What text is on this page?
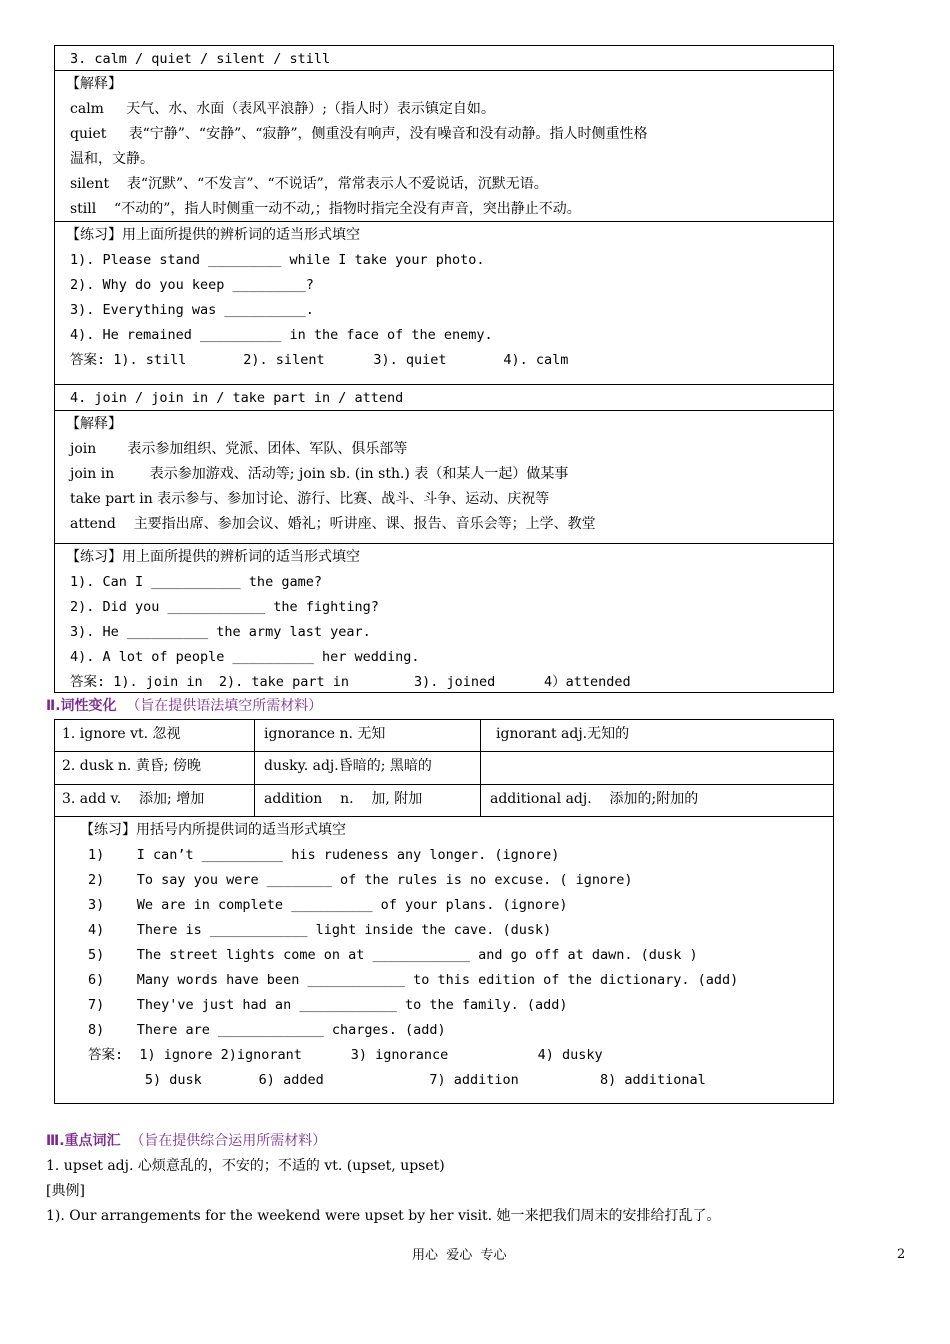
3. calm / quiet / silent / still
【解释】
calm     天气、水、水面（表风平浪静）;（指人时）表示镇定自如。
quiet     表“宁静”、“安静”、“寂静”，侧重没有响声，没有噪音和没有动静。指人时侧重性格
温和，文静。
silent    表“沉默”、“不发言”、“不说话”，常常表示人不爱说话，沉默无语。
still    “不动的”，指人时侧重一动不动,；指物时指完全没有声音，突出静止不动。
【练习】用上面所提供的辨析词的适当形式填空
1). Please stand _________ while I take your photo.
2). Why do you keep _________?
3). Everything was __________.
4). He remained __________ in the face of the enemy.
答案: 1). still       2). silent      3). quiet       4). calm
4. join / join in / take part in / attend
【解释】
join       表示参加组织、党派、团体、军队、俱乐部等
join in        表示参加游戏、活动等; join sb. (in sth.) 表（和某人一起）做某事
take part in 表示参与、参加讨论、游行、比赛、战斗、斗争、运动、庆祝等
attend    主要指出席、参加会议、婚礼；听讲座、课、报告、音乐会等；上学、教堂
【练习】用上面所提供的辨析词的适当形式填空
1). Can I ___________ the game?
2). Did you ____________ the fighting?
3). He __________ the army last year.
4). A lot of people __________ her wedding.
答案: 1). join in  2). take part in        3). joined      4）attended
Ⅱ.词性变化 （旨在提供语法填空所需材料）
1. ignore vt. 忽视	ignorance n. 无知	ignorant adj.无知的
2. dusk n. 黄昏; 傍晚	dusky. adj.昏暗的; 黑暗的
3. add v.    添加; 增加	addition    n.    加, 附加	additional adj.    添加的;附加的
【练习】用括号内所提供词的适当形式填空
1)    I can’t __________ his rudeness any longer. (ignore)
2)    To say you were ________ of the rules is no excuse. ( ignore)
3)    We are in complete __________ of your plans. (ignore)
4)    There is ____________ light inside the cave. (dusk)
5)    The street lights come on at ____________ and go off at dawn. (dusk )
6)    Many words have been ____________ to this edition of the dictionary. (add)
7)    They've just had an ____________ to the family. (add)
8)    There are _____________ charges. (add)
答案:  1) ignore 2)ignorant      3) ignorance           4) dusky
5) dusk       6) added             7) addition          8) additional
Ⅲ.重点词汇 （旨在提供综合运用所需材料）
1. upset adj. 心烦意乱的，不安的；不适的 vt. (upset, upset)
[典例]
1). Our arrangements for the weekend were upset by her visit. 她一来把我们周末的安排给打乱了。
用心  爱心  专心	2
